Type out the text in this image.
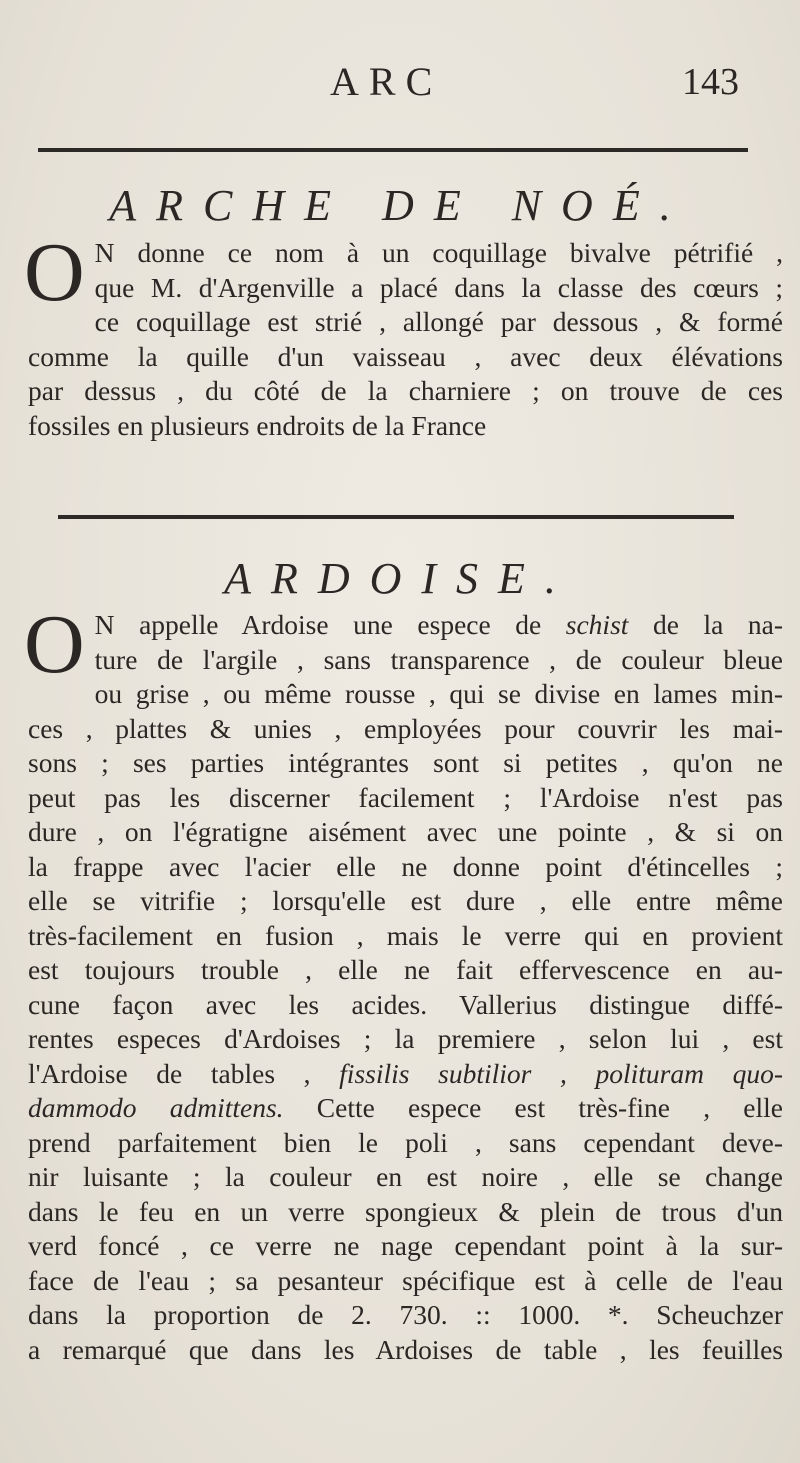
ARC	143
ARCHE DE NOÉ.
O N donne ce nom à un coquillage bivalve pétrifié ,
que M. d'Argenville a placé dans la classe des cœurs ;
ce coquillage est strié , allongé par dessous , & formé
comme la quille d'un vaisseau , avec deux élévations
par dessus , du côté de la charniere ; on trouve de ces
fossiles en plusieurs endroits de la France
ARDOISE.
O N appelle Ardoise une espece de schist de la na-
ture de l'argile , sans transparence , de couleur bleue
ou grise , ou même rousse , qui se divise en lames min-
ces , plattes & unies , employées pour couvrir les mai-
sons ; ses parties intégrantes sont si petites , qu'on ne
peut pas les discerner facilement ; l'Ardoise n'est pas
dure , on l'égratigne aisément avec une pointe , & si on
la frappe avec l'acier elle ne donne point d'étincelles ;
elle se vitrifie ; lorsqu'elle est dure , elle entre même
très-facilement en fusion , mais le verre qui en provient
est toujours trouble , elle ne fait effervescence en au-
cune façon avec les acides. Vallerius distingue diffé-
rentes especes d'Ardoises ; la premiere , selon lui , est
l'Ardoise de tables , fissilis subtilior , polituram quo-
dammodo admittens. Cette espece est très-fine , elle
prend parfaitement bien le poli , sans cependant deve-
nir luisante ; la couleur en est noire , elle se change
dans le feu en un verre spongieux & plein de trous d'un
verd foncé , ce verre ne nage cependant point à la sur-
face de l'eau ; sa pesanteur spécifique est à celle de l'eau
dans la proportion de 2. 730. :: 1000. *. Scheuchzer
a remarqué que dans les Ardoises de table , les feuilles
